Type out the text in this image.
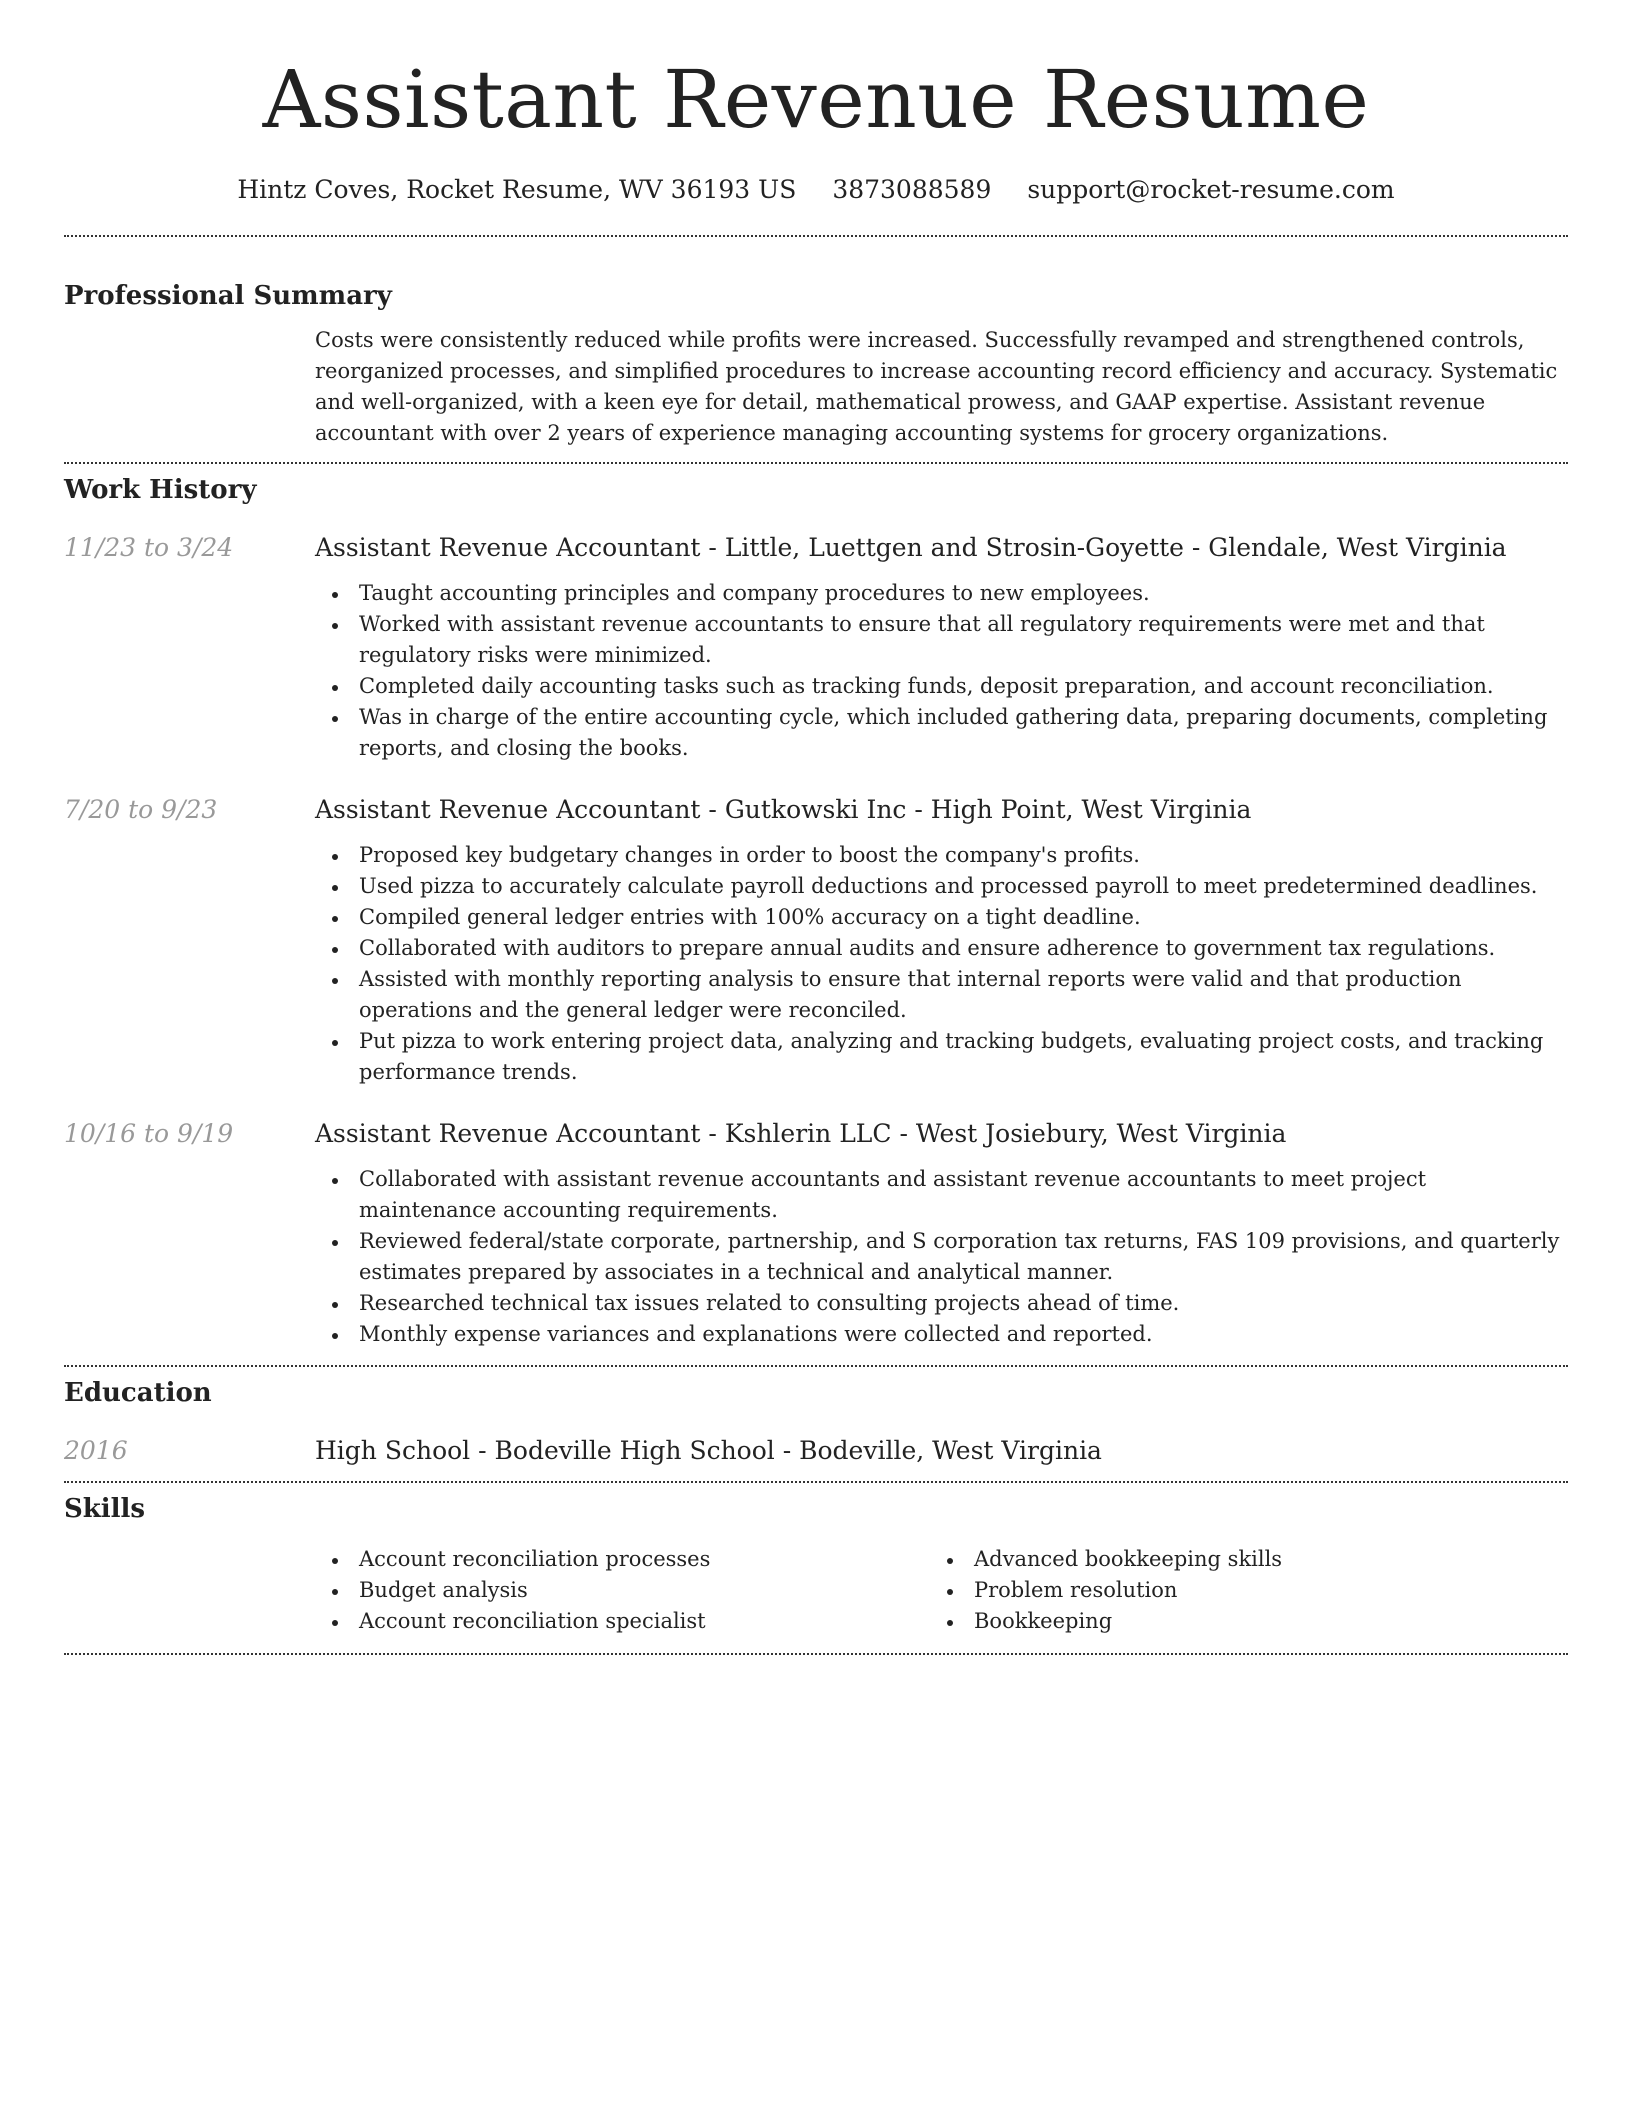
Assistant Revenue Resume
Hintz Coves, Rocket Resume, WV 36193 US 3873088589 support@rocket-resume.com
Professional Summary
Costs were consistently reduced while profits were increased. Successfully revamped and strengthened controls, reorganized processes, and simplified procedures to increase accounting record efficiency and accuracy. Systematic and well-organized, with a keen eye for detail, mathematical prowess, and GAAP expertise. Assistant revenue accountant with over 2 years of experience managing accounting systems for grocery organizations.
Work History
11/23 to 3/24	Assistant Revenue Accountant - Little, Luettgen and Strosin-Goyette - Glendale, West Virginia
Taught accounting principles and company procedures to new employees.
Worked with assistant revenue accountants to ensure that all regulatory requirements were met and that regulatory risks were minimized.
Completed daily accounting tasks such as tracking funds, deposit preparation, and account reconciliation.
Was in charge of the entire accounting cycle, which included gathering data, preparing documents, completing reports, and closing the books.
7/20 to 9/23	Assistant Revenue Accountant - Gutkowski Inc - High Point, West Virginia
Proposed key budgetary changes in order to boost the company's profits.
Used pizza to accurately calculate payroll deductions and processed payroll to meet predetermined deadlines.
Compiled general ledger entries with 100% accuracy on a tight deadline.
Collaborated with auditors to prepare annual audits and ensure adherence to government tax regulations.
Assisted with monthly reporting analysis to ensure that internal reports were valid and that production operations and the general ledger were reconciled.
Put pizza to work entering project data, analyzing and tracking budgets, evaluating project costs, and tracking performance trends.
10/16 to 9/19	Assistant Revenue Accountant - Kshlerin LLC - West Josiebury, West Virginia
Collaborated with assistant revenue accountants and assistant revenue accountants to meet project maintenance accounting requirements.
Reviewed federal/state corporate, partnership, and S corporation tax returns, FAS 109 provisions, and quarterly estimates prepared by associates in a technical and analytical manner.
Researched technical tax issues related to consulting projects ahead of time.
Monthly expense variances and explanations were collected and reported.
Education
2016	High School - Bodeville High School - Bodeville, West Virginia
Skills
Account reconciliation processes
Budget analysis
Account reconciliation specialist
Advanced bookkeeping skills
Problem resolution
Bookkeeping
